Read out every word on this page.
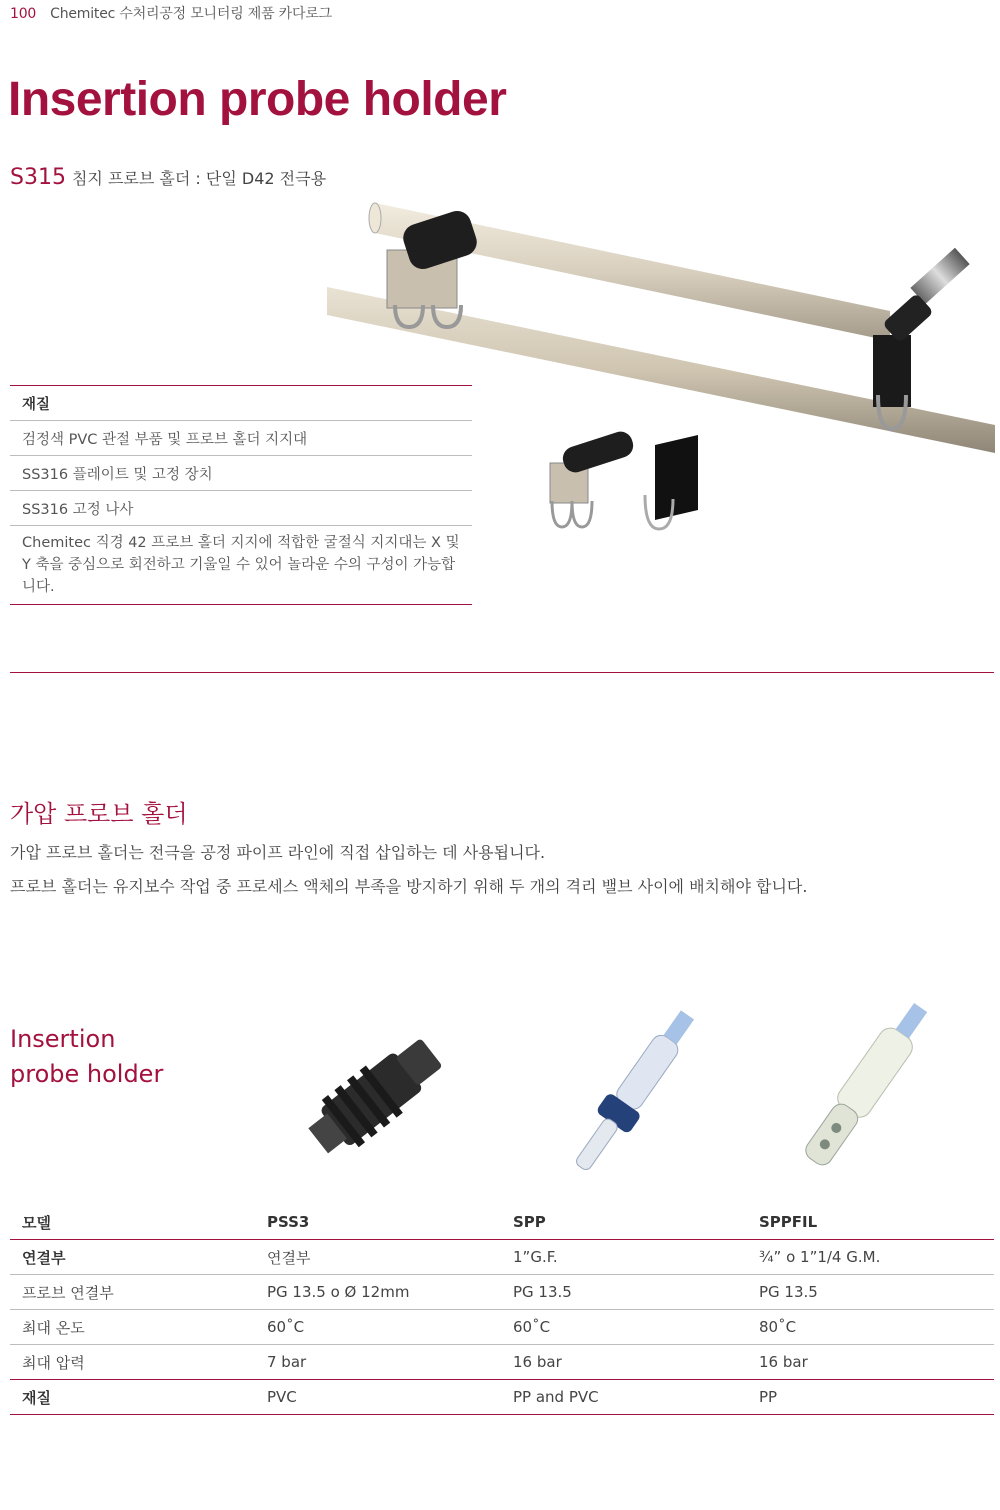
100 Chemitec 수처리공정 모니터링 제품 카다로그
Insertion probe holder
S315 침지 프로브 홀더 : 단일 D42 전극용
재질
검정색 PVC 관절 부품 및 프로브 홀더 지지대
SS316 플레이트 및 고정 장치
SS316 고정 나사
Chemitec 직경 42 프로브 홀더 지지에 적합한 굴절식 지지대는 X 및 Y 축을 중심으로 회전하고 기울일 수 있어 놀라운 수의 구성이 가능합니다.
가압 프로브 홀더
가압 프로브 홀더는 전극을 공정 파이프 라인에 직접 삽입하는 데 사용됩니다.
프로브 홀더는 유지보수 작업 중 프로세스 액체의 부족을 방지하기 위해 두 개의 격리 밸브 사이에 배치해야 합니다.
Insertion
probe holder
모델	PSS3	SPP	SPPFIL
연결부	연결부	1”G.F.	¾” o 1”1/4 G.M.
프로브 연결부	PG 13.5 o Ø 12mm	PG 13.5	PG 13.5
최대 온도	60˚C	60˚C	80˚C
최대 압력	7 bar	16 bar	16 bar
재질	PVC	PP and PVC	PP
